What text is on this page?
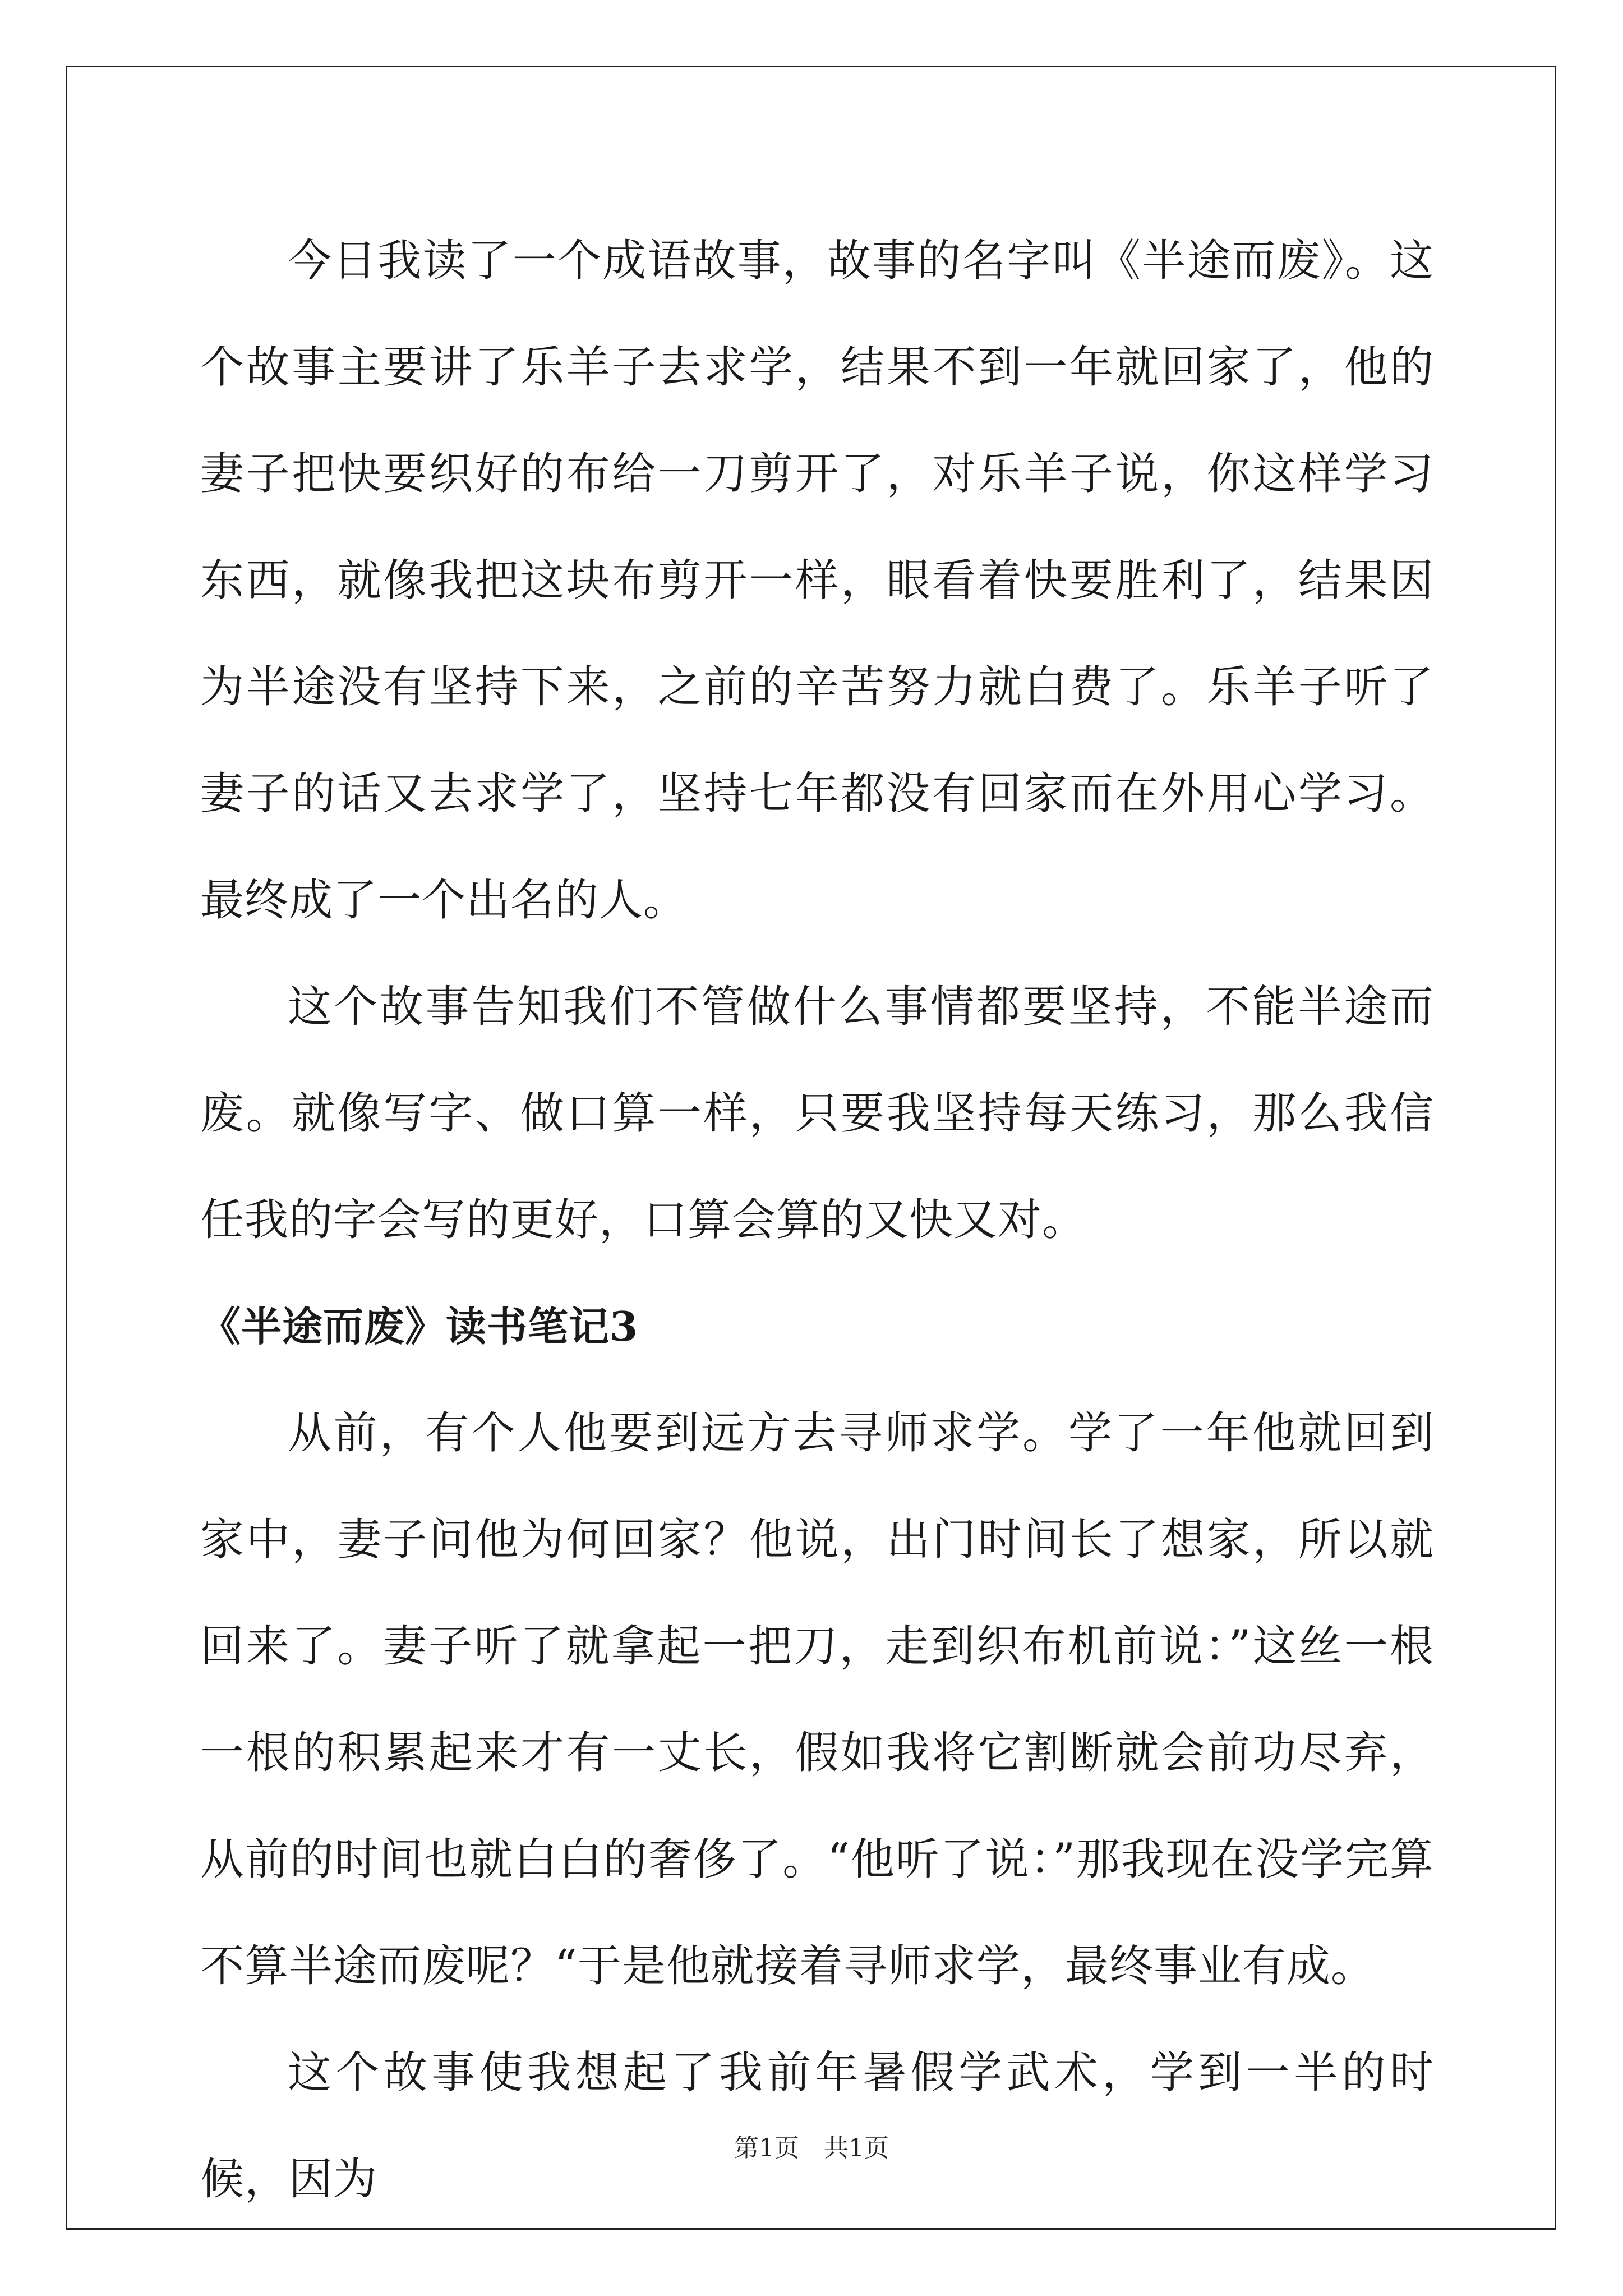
今日我读了一个成语故事，故事的名字叫《半途而废》。这个故事主要讲了乐羊子去求学，结果不到一年就回家了，他的妻子把快要织好的布给一刀剪开了，对乐羊子说，你这样学习东西，就像我把这块布剪开一样，眼看着快要胜利了，结果因为半途没有坚持下来，之前的辛苦努力就白费了。乐羊子听了妻子的话又去求学了，坚持七年都没有回家而在外用心学习。最终成了一个出名的人。

这个故事告知我们不管做什么事情都要坚持，不能半途而废。就像写字、做口算一样，只要我坚持每天练习，那么我信任我的字会写的更好，口算会算的又快又对。

《半途而废》读书笔记3

从前，有个人他要到远方去寻师求学。学了一年他就回到家中，妻子问他为何回家？他说，出门时间长了想家，所以就回来了。妻子听了就拿起一把刀，走到织布机前说：”这丝一根一根的积累起来才有一丈长，假如我将它割断就会前功尽弃，从前的时间也就白白的奢侈了。“他听了说：”那我现在没学完算不算半途而废呢？“于是他就接着寻师求学，最终事业有成。

这个故事使我想起了我前年暑假学武术，学到一半的时候，因为

第1页　共1页
